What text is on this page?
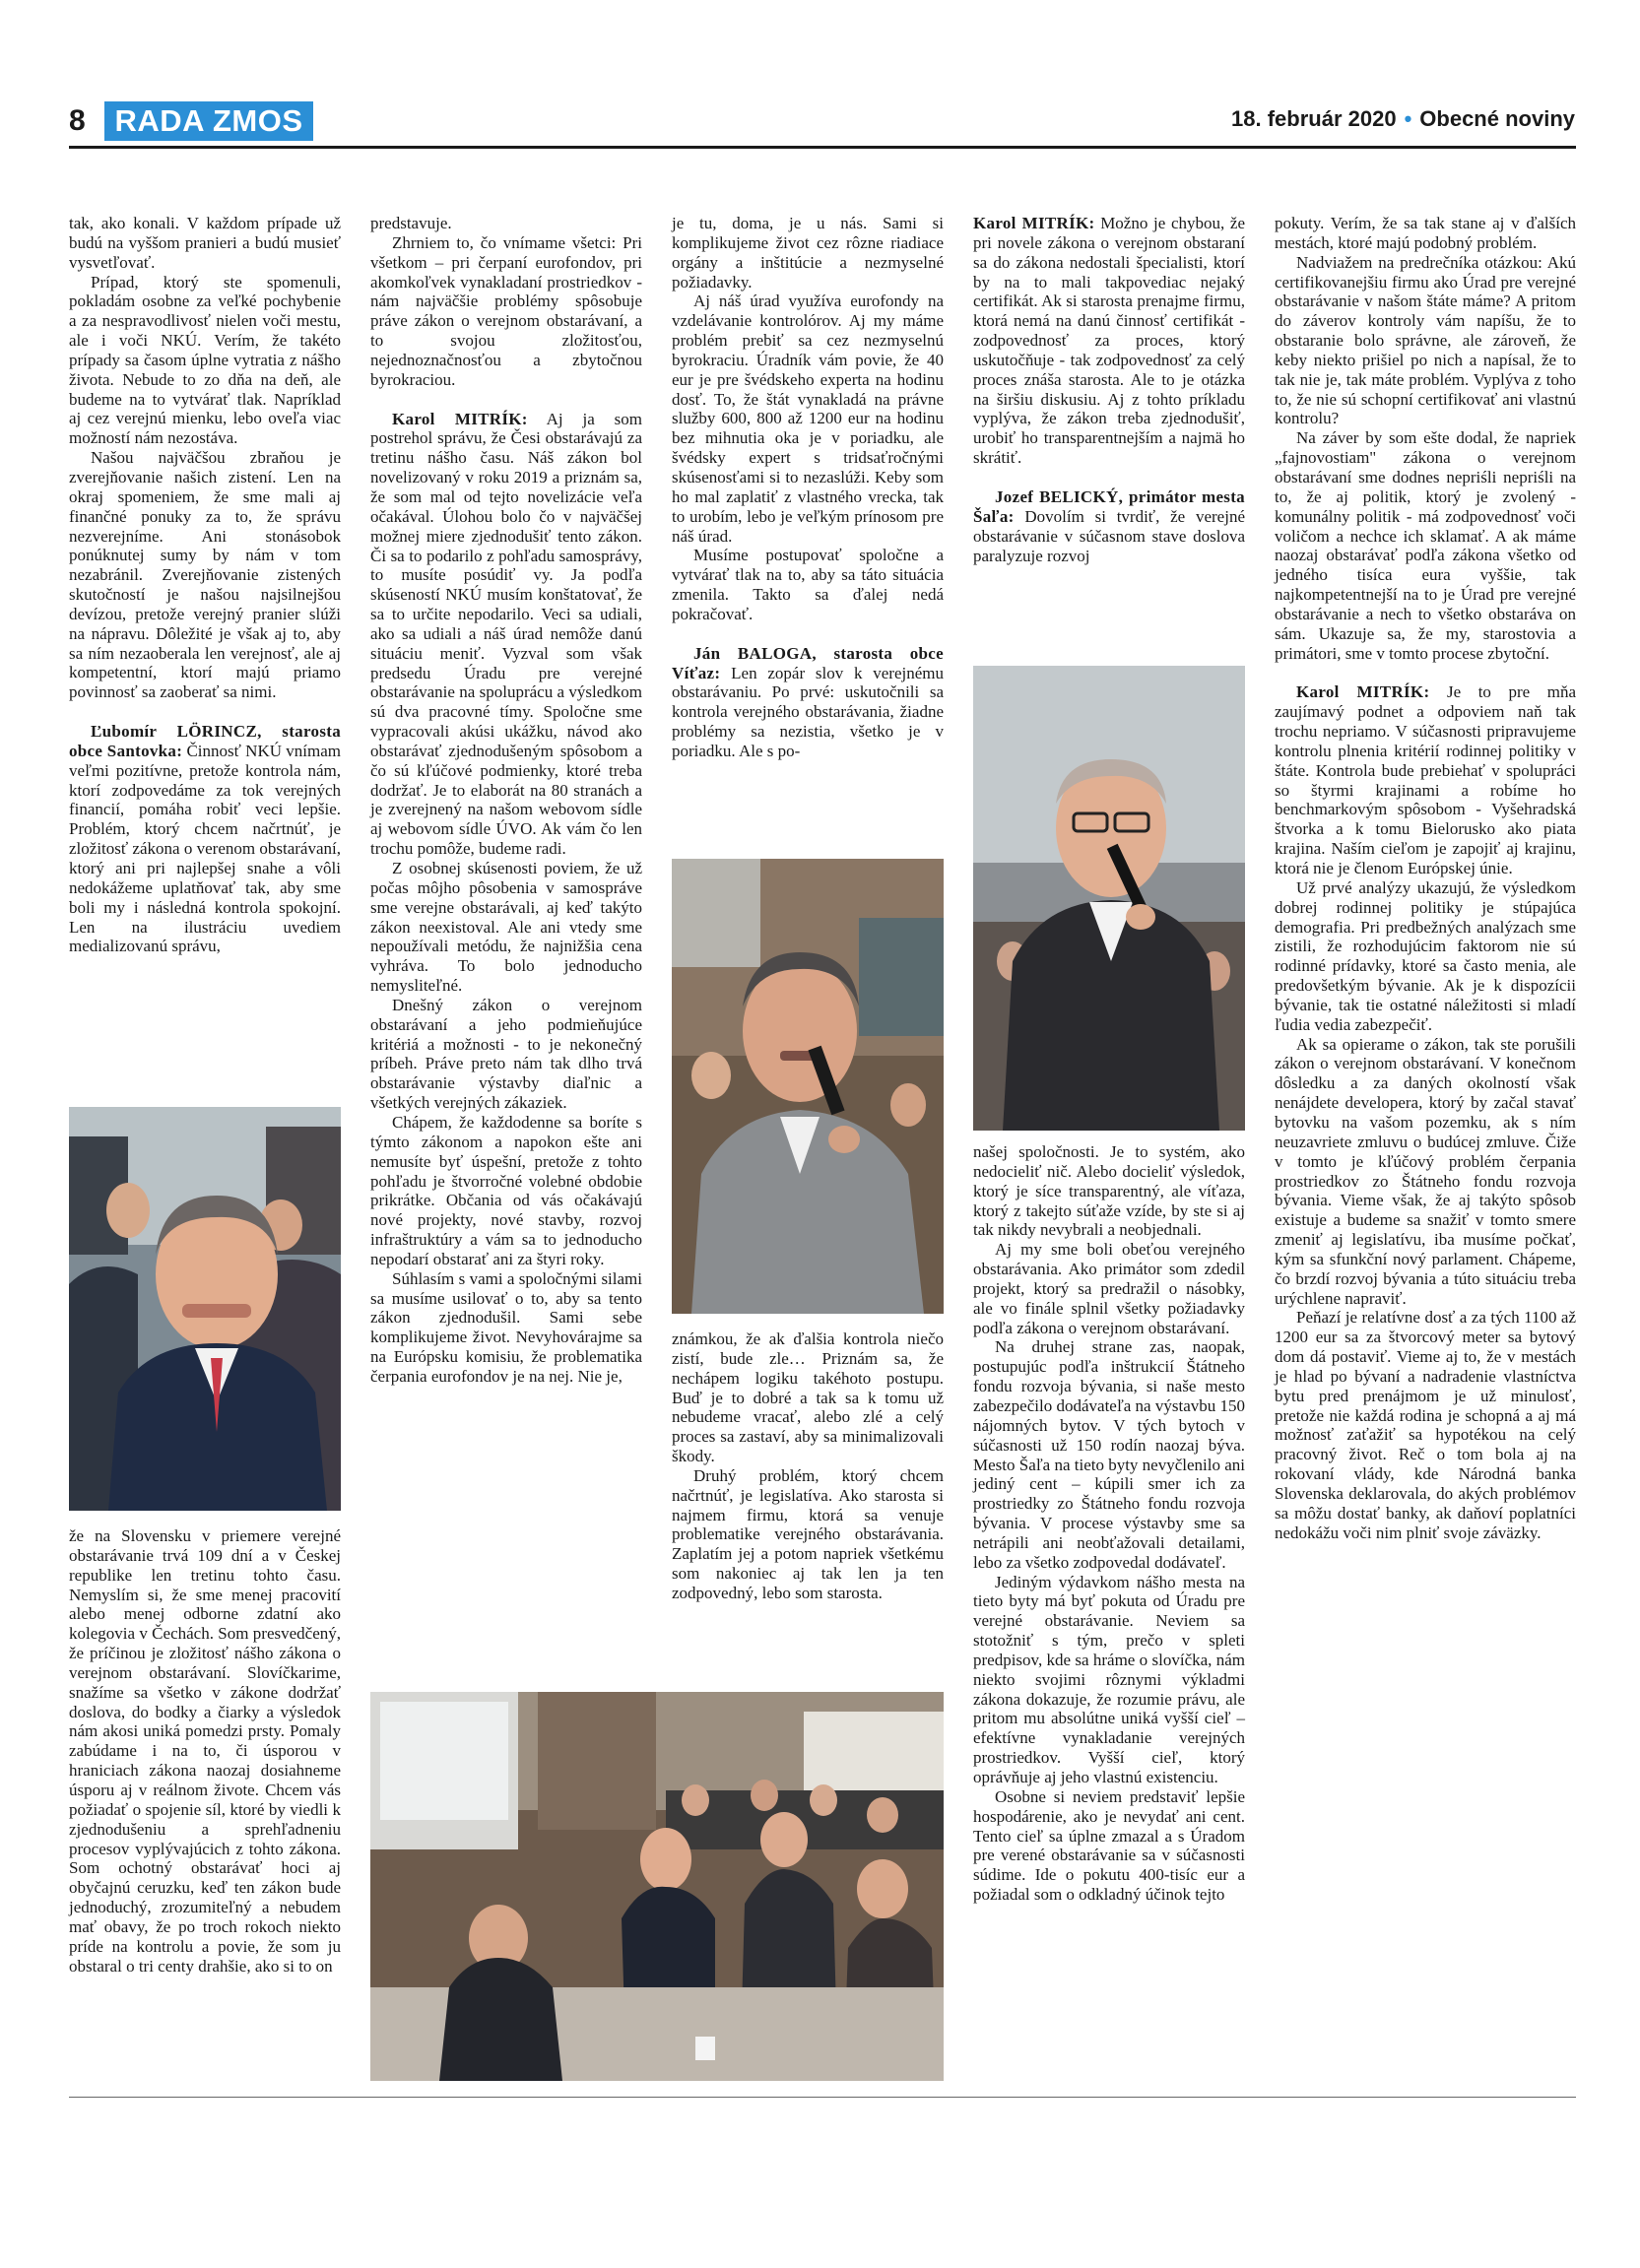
8 RADA ZMOS	18. február 2020 • Obecné noviny

tak, ako konali. V každom prípade už budú na vyššom pranieri a budú musieť vysvetľovať.

Prípad, ktorý ste spomenuli, pokladám osobne za veľké pochybenie a za nespravodlivosť nielen voči mestu, ale i voči NKÚ. Verím, že takéto prípady sa časom úplne vytratia z nášho života. Nebude to zo dňa na deň, ale budeme na to vytvárať tlak. Napríklad aj cez verejnú mienku, lebo oveľa viac možností nám nezostáva.

Našou najväčšou zbraňou je zverejňovanie našich zistení. Len na okraj spomeniem, že sme mali aj finančné ponuky za to, že správu nezverejníme. Ani stonásobok ponúknutej sumy by nám v tom nezabránil. Zverejňovanie zistených skutočností je našou najsilnejšou devízou, pretože verejný pranier slúži na nápravu. Dôležité je však aj to, aby sa ním nezaoberala len verejnosť, ale aj kompetentní, ktorí majú priamo povinnosť sa zaoberať sa nimi.

Ľubomír LÖRINCZ, starosta obce Santovka: Činnosť NKÚ vnímam veľmi pozitívne, pretože kontrola nám, ktorí zodpovedáme za tok verejných financií, pomáha robiť veci lepšie. Problém, ktorý chcem načrtnúť, je zložitosť zákona o verenom obstarávaní, ktorý ani pri najlepšej snahe a vôli nedokážeme uplatňovať tak, aby sme boli my i následná kontrola spokojní. Len na ilustráciu uvediem medializovanú správu,

že na Slovensku v priemere verejné obstarávanie trvá 109 dní a v Českej republike len tretinu tohto času. Nemyslím si, že sme menej pracovití alebo menej odborne zdatní ako kolegovia v Čechách. Som presvedčený, že príčinou je zložitosť nášho zákona o verejnom obstarávaní. Slovíčkarime, snažíme sa všetko v zákone dodržať doslova, do bodky a čiarky a výsledok nám akosi uniká pomedzi prsty. Pomaly zabúdame i na to, či úsporou v hraniciach zákona naozaj dosiahneme úsporu aj v reálnom živote. Chcem vás požiadať o spojenie síl, ktoré by viedli k zjednodušeniu a sprehľadneniu procesov vyplývajúcich z tohto zákona. Som ochotný obstarávať hoci aj obyčajnú ceruzku, keď ten zákon bude jednoduchý, zrozumiteľný a nebudem mať obavy, že po troch rokoch niekto príde na kontrolu a povie, že som ju obstaral o tri centy drahšie, ako si to on

predstavuje.

Zhrniem to, čo vnímame všetci: Pri všetkom – pri čerpaní eurofondov, pri akomkoľvek vynakladaní prostriedkov - nám najväčšie problémy spôsobuje práve zákon o verejnom obstarávaní, a to svojou zložitosťou, nejednoznačnosťou a zbytočnou byrokraciou.

Karol MITRÍK: Aj ja som postrehol správu, že Česi obstarávajú za tretinu nášho času. Náš zákon bol novelizovaný v roku 2019 a priznám sa, že som mal od tejto novelizácie veľa očakával. Úlohou bolo čo v najväčšej možnej miere zjednodušiť tento zákon. Či sa to podarilo z pohľadu samosprávy, to musíte posúdiť vy. Ja podľa skúseností NKÚ musím konštatovať, že sa to určite nepodarilo. Veci sa udiali, ako sa udiali a náš úrad nemôže danú situáciu meniť. Vyzval som však predsedu Úradu pre verejné obstarávanie na spoluprácu a výsledkom sú dva pracovné tímy. Spoločne sme vypracovali akúsi ukážku, návod ako obstarávať zjednodušeným spôsobom a čo sú kľúčové podmienky, ktoré treba dodržať. Je to elaborát na 80 stranách a je zverejnený na našom webovom sídle aj webovom sídle ÚVO. Ak vám čo len trochu pomôže, budeme radi.

Z osobnej skúsenosti poviem, že už počas môjho pôsobenia v samospráve sme verejne obstarávali, aj keď takýto zákon neexistoval. Ale ani vtedy sme nepoužívali metódu, že najnižšia cena vyhráva. To bolo jednoducho nemysliteľné.

Dnešný zákon o verejnom obstarávaní a jeho podmieňujúce kritériá a možnosti - to je nekonečný príbeh. Práve preto nám tak dlho trvá obstarávanie výstavby diaľnic a všetkých verejných zákaziek.

Chápem, že každodenne sa boríte s týmto zákonom a napokon ešte ani nemusíte byť úspešní, pretože z tohto pohľadu je štvorročné volebné obdobie prikrátke. Občania od vás očakávajú nové projekty, nové stavby, rozvoj infraštruktúry a vám sa to jednoducho nepodarí obstarať ani za štyri roky.

Súhlasím s vami a spoločnými silami sa musíme usilovať o to, aby sa tento zákon zjednodušil. Sami sebe komplikujeme život. Nevyhovárajme sa na Európsku komisiu, že problematika čerpania eurofondov je na nej. Nie je,

je tu, doma, je u nás. Sami si komplikujeme život cez rôzne riadiace orgány a inštitúcie a nezmyselné požiadavky.

Aj náš úrad využíva eurofondy na vzdelávanie kontrolórov. Aj my máme problém prebiť sa cez nezmyselnú byrokraciu. Úradník vám povie, že 40 eur je pre švédskeho experta na hodinu dosť. To, že štát vynakladá na právne služby 600, 800 až 1200 eur na hodinu bez mihnutia oka je v poriadku, ale švédsky expert s tridsaťročnými skúsenosťami si to nezaslúži. Keby som ho mal zaplatiť z vlastného vrecka, tak to urobím, lebo je veľkým prínosom pre náš úrad.

Musíme postupovať spoločne a vytvárať tlak na to, aby sa táto situácia zmenila. Takto sa ďalej nedá pokračovať.

Ján BALOGA, starosta obce Víťaz: Len zopár slov k verejnému obstarávaniu. Po prvé: uskutočnili sa kontrola verejného obstarávania, žiadne problémy sa nezistia, všetko je v poriadku. Ale s po-

známkou, že ak ďalšia kontrola niečo zistí, bude zle… Priznám sa, že nechápem logiku takéhoto postupu. Buď je to dobré a tak sa k tomu už nebudeme vracať, alebo zlé a celý proces sa zastaví, aby sa minimalizovali škody.

Druhý problém, ktorý chcem načrtnúť, je legislatíva. Ako starosta si najmem firmu, ktorá sa venuje problematike verejného obstarávania. Zaplatím jej a potom napriek všetkému som nakoniec aj tak len ja ten zodpovedný, lebo som starosta.

Karol MITRÍK: Možno je chybou, že pri novele zákona o verejnom obstaraní sa do zákona nedostali špecialisti, ktorí by na to mali takpovediac nejaký certifikát. Ak si starosta prenajme firmu, ktorá nemá na danú činnosť certifikát - zodpovednosť za proces, ktorý uskutočňuje - tak zodpovednosť za celý proces znáša starosta. Ale to je otázka na širšiu diskusiu. Aj z tohto príkladu vyplýva, že zákon treba zjednodušiť, urobiť ho transparentnejším a najmä ho skrátiť.

Jozef BELICKÝ, primátor mesta Šaľa: Dovolím si tvrdiť, že verejné obstarávanie v súčasnom stave doslova paralyzuje rozvoj

našej spoločnosti. Je to systém, ako nedocieliť nič. Alebo docieliť výsledok, ktorý je síce transparentný, ale víťaza, ktorý z takejto súťaže vzíde, by ste si aj tak nikdy nevybrali a neobjednali.

Aj my sme boli obeťou verejného obstarávania. Ako primátor som zdedil projekt, ktorý sa predražil o násobky, ale vo finále splnil všetky požiadavky podľa zákona o verejnom obstarávaní.

Na druhej strane zas, naopak, postupujúc podľa inštrukcií Štátneho fondu rozvoja bývania, si naše mesto zabezpečilo dodávateľa na výstavbu 150 nájomných bytov. V tých bytoch v súčasnosti už 150 rodín naozaj býva. Mesto Šaľa na tieto byty nevyčlenilo ani jediný cent – kúpili smer ich za prostriedky zo Štátneho fondu rozvoja bývania. V procese výstavby sme sa netrápili ani neobťažovali detailami, lebo za všetko zodpovedal dodávateľ.

Jediným výdavkom nášho mesta na tieto byty má byť pokuta od Úradu pre verejné obstarávanie. Neviem sa stotožniť s tým, prečo v spleti predpisov, kde sa hráme o slovíčka, nám niekto svojimi rôznymi výkladmi zákona dokazuje, že rozumie právu, ale pritom mu absolútne uniká vyšší cieľ – efektívne vynakladanie verejných prostriedkov. Vyšší cieľ, ktorý oprávňuje aj jeho vlastnú existenciu.

Osobne si neviem predstaviť lepšie hospodárenie, ako je nevydať ani cent. Tento cieľ sa úplne zmazal a s Úradom pre verené obstarávanie sa v súčasnosti súdime. Ide o pokutu 400-tisíc eur a požiadal som o odkladný účinok tejto

pokuty. Verím, že sa tak stane aj v ďalších mestách, ktoré majú podobný problém.

Nadviažem na predrečníka otázkou: Akú certifikovanejšiu firmu ako Úrad pre verejné obstarávanie v našom štáte máme? A pritom do záverov kontroly vám napíšu, že to obstaranie bolo správne, ale zároveň, že keby niekto prišiel po nich a napísal, že to tak nie je, tak máte problém. Vyplýva z toho to, že nie sú schopní certifikovať ani vlastnú kontrolu?

Na záver by som ešte dodal, že napriek „fajnovostiam" zákona o verejnom obstarávaní sme dodnes nepriśli nepriśli na to, že aj politik, ktorý je zvolený - komunálny politik - má zodpovednosť voči voličom a nechce ich sklamať. A ak máme naozaj obstarávať podľa zákona všetko od jedného tisíca eura vyššie, tak najkompetentnejší na to je Úrad pre verejné obstarávanie a nech to všetko obstaráva on sám. Ukazuje sa, že my, starostovia a primátori, sme v tomto procese zbytoční.

Karol MITRÍK: Je to pre mňa zaujímavý podnet a odpoviem naň tak trochu nepriamo. V súčasnosti pripravujeme kontrolu plnenia kritérií rodinnej politiky v štáte. Kontrola bude prebiehať v spolupráci so štyrmi krajinami a robíme ho benchmarkovým spôsobom - Vyšehradská štvorka a k tomu Bielorusko ako piata krajina. Naším cieľom je zapojiť aj krajinu, ktorá nie je členom Európskej únie.

Už prvé analýzy ukazujú, že výsledkom dobrej rodinnej politiky je stúpajúca demografia. Pri predbežných analýzach sme zistili, že rozhodujúcim faktorom nie sú rodinné prídavky, ktoré sa často menia, ale predovšetkým bývanie. Ak je k dispozícii bývanie, tak tie ostatné náležitosti si mladí ľudia vedia zabezpečiť.

Ak sa opierame o zákon, tak ste porušili zákon o verejnom obstarávaní. V konečnom dôsledku a za daných okolností však nenájdete developera, ktorý by začal stavať bytovku na vašom pozemku, ak s ním neuzavriete zmluvu o budúcej zmluve. Čiže v tomto je kľúčový problém čerpania prostriedkov zo Štátneho fondu rozvoja bývania. Vieme však, že aj takýto spôsob existuje a budeme sa snažiť v tomto smere zmeniť aj legislatívu, iba musíme počkať, kým sa sfunkční nový parlament. Chápeme, čo brzdí rozvoj bývania a túto situáciu treba urýchlene napraviť.

Peňazí je relatívne dosť a za tých 1100 až 1200 eur sa za štvorcový meter sa bytový dom dá postaviť. Vieme aj to, že v mestách je hlad po bývaní a nadradenie vlastníctva bytu pred prenájmom je už minulosť, pretože nie každá rodina je schopná a aj má možnosť zaťažiť sa hypotékou na celý pracovný život. Reč o tom bola aj na rokovaní vlády, kde Národná banka Slovenska deklarovala, do akých problémov sa môžu dostať banky, ak daňoví poplatníci nedokážu voči nim plniť svoje záväzky.
